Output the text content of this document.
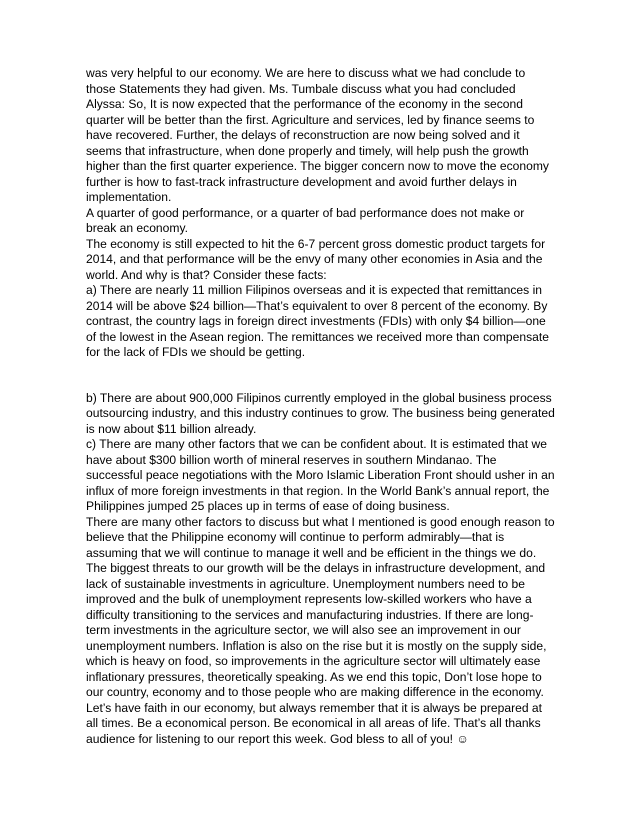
was very helpful to our economy. We are here to discuss what we had conclude to those Statements they had given. Ms. Tumbale discuss what you had concluded

Alyssa: So, It is now expected that the performance of the economy in the second quarter will be better than the first. Agriculture and services, led by finance seems to have recovered. Further, the delays of reconstruction are now being solved and it seems that infrastructure, when done properly and timely, will help push the growth higher than the first quarter experience. The bigger concern now to move the economy further is how to fast-track infrastructure development and avoid further delays in implementation.

A quarter of good performance, or a quarter of bad performance does not make or break an economy.

The economy is still expected to hit the 6-7 percent gross domestic product targets for 2014, and that performance will be the envy of many other economies in Asia and the world. And why is that? Consider these facts:

a) There are nearly 11 million Filipinos overseas and it is expected that remittances in 2014 will be above $24 billion—That’s equivalent to over 8 percent of the economy. By contrast, the country lags in foreign direct investments (FDIs) with only $4 billion—one of the lowest in the Asean region. The remittances we received more than compensate for the lack of FDIs we should be getting.

b) There are about 900,000 Filipinos currently employed in the global business process outsourcing industry, and this industry continues to grow. The business being generated is now about $11 billion already.

c) There are many other factors that we can be confident about. It is estimated that we have about $300 billion worth of mineral reserves in southern Mindanao. The successful peace negotiations with the Moro Islamic Liberation Front should usher in an influx of more foreign investments in that region. In the World Bank’s annual report, the Philippines jumped 25 places up in terms of ease of doing business.

There are many other factors to discuss but what I mentioned is good enough reason to believe that the Philippine economy will continue to perform admirably—that is assuming that we will continue to manage it well and be efficient in the things we do. The biggest threats to our growth will be the delays in infrastructure development, and lack of sustainable investments in agriculture. Unemployment numbers need to be improved and the bulk of unemployment represents low-skilled workers who have a difficulty transitioning to the services and manufacturing industries. If there are long-term investments in the agriculture sector, we will also see an improvement in our unemployment numbers. Inflation is also on the rise but it is mostly on the supply side, which is heavy on food, so improvements in the agriculture sector will ultimately ease inflationary pressures, theoretically speaking. As we end this topic, Don’t lose hope to our country, economy and to those people who are making difference in the economy. Let’s have faith in our economy, but always remember that it is always be prepared at all times. Be a economical person. Be economical in all areas of life. That’s all thanks audience for listening to our report this week. God bless to all of you! ☺
